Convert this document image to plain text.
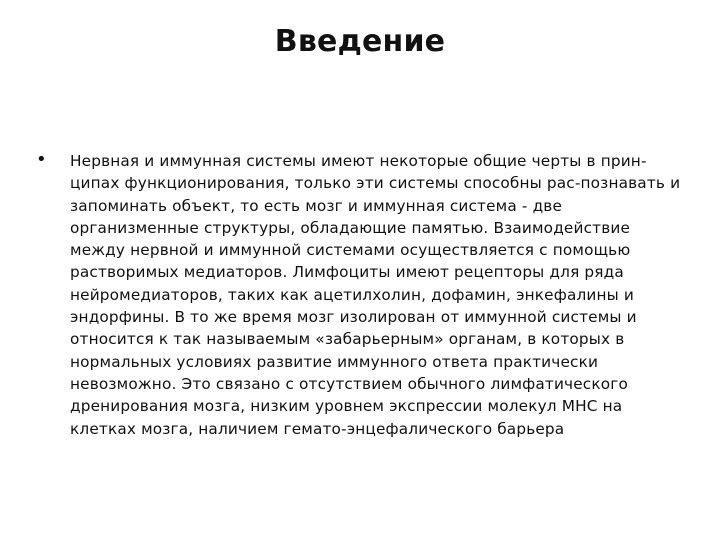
Введение
• Нервная и иммунная системы имеют некоторые общие черты в прин-ципах функционирования, только эти системы способны рас-познавать и запоминать объект, то есть мозг и иммунная система - две организменные структуры, обладающие памятью. Взаимодействие между нервной и иммунной системами осуществляется с помощью растворимых медиаторов. Лимфоциты имеют рецепторы для ряда нейромедиаторов, таких как ацетилхолин, дофамин, энкефалины и эндорфины. В то же время мозг изолирован от иммунной системы и относится к так называемым «забарьерным» органам, в которых в нормальных условиях развитие иммунного ответа практически невозможно. Это связано с отсутствием обычного лимфатического дренирования мозга, низким уровнем экспрессии молекул МНС на клетках мозга, наличием гемато-энцефалического барьера
